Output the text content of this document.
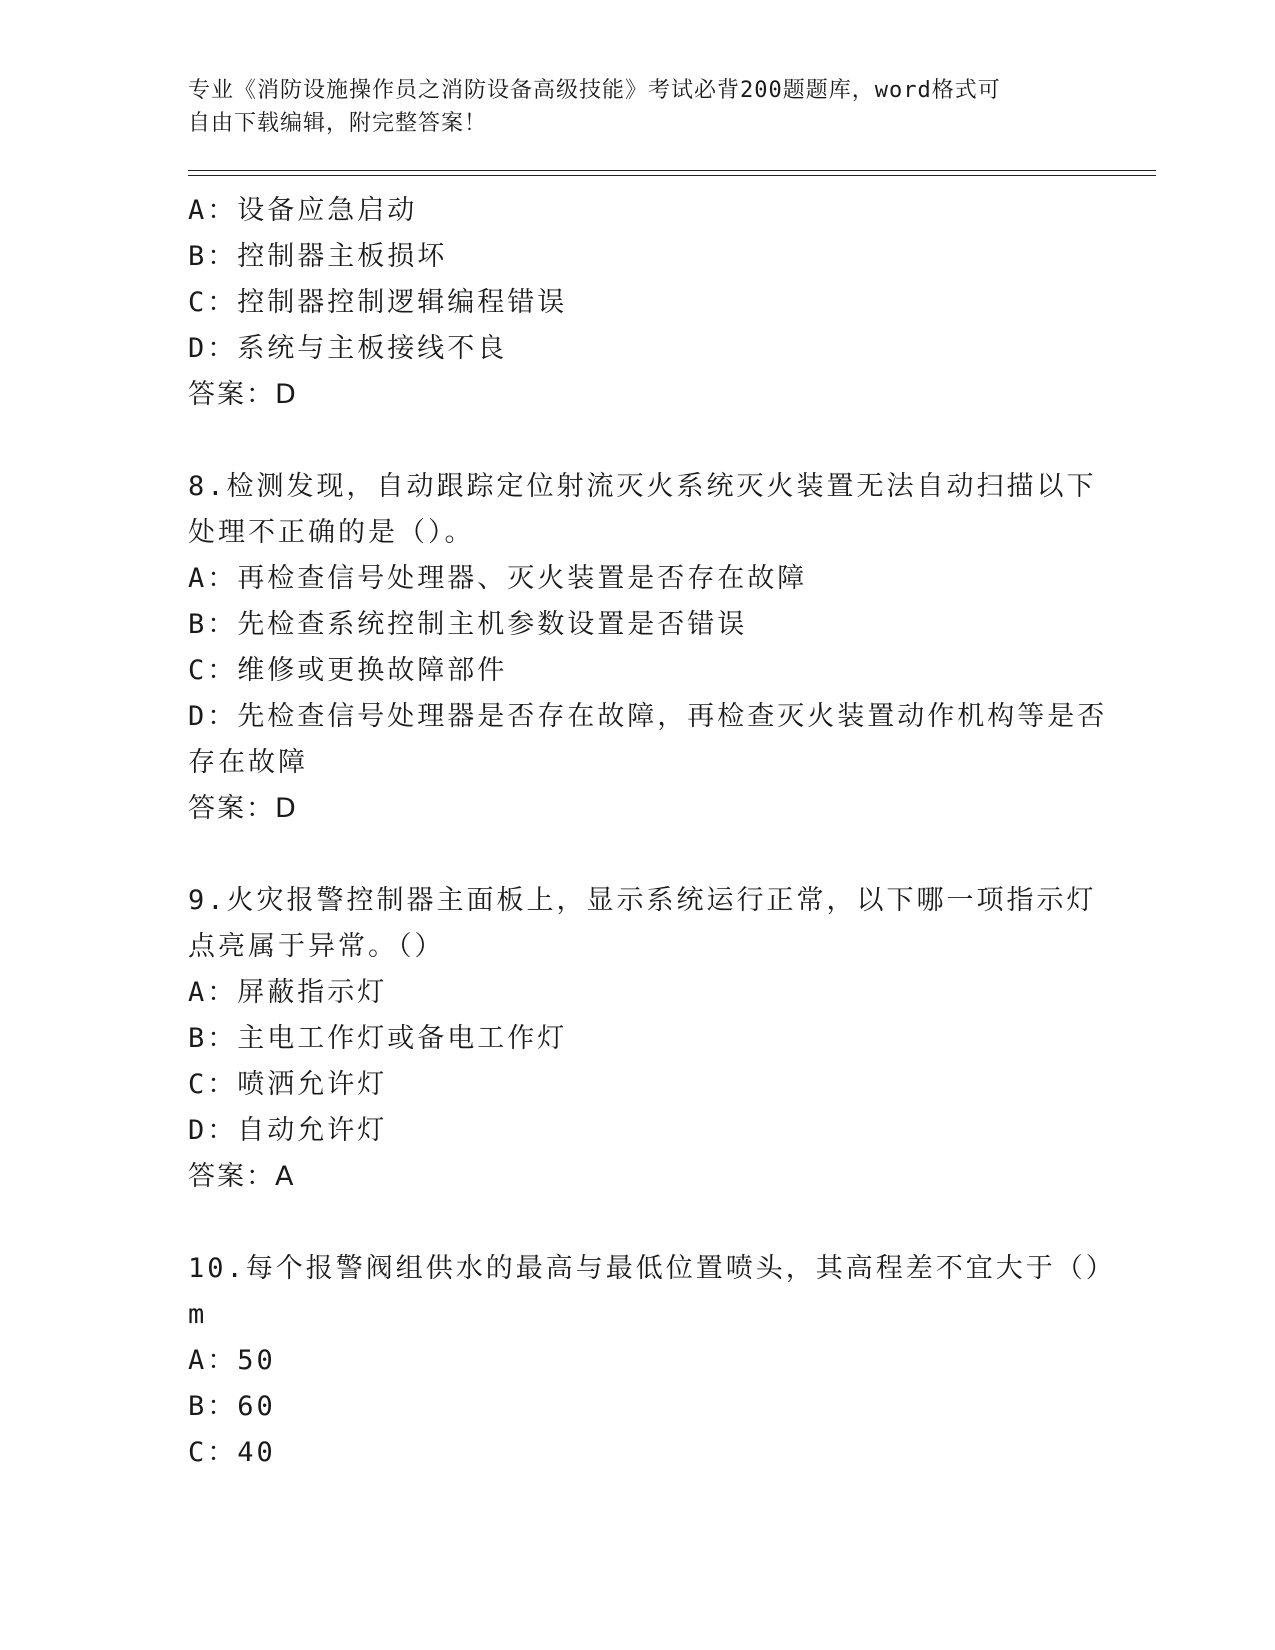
专业《消防设施操作员之消防设备高级技能》考试必背200题题库，word格式可
自由下载编辑，附完整答案！
A：设备应急启动
B：控制器主板损坏
C：控制器控制逻辑编程错误
D：系统与主板接线不良
答案：D
8.检测发现，自动跟踪定位射流灭火系统灭火装置无法自动扫描以下
处理不正确的是（）。
A：再检查信号处理器、灭火装置是否存在故障
B：先检查系统控制主机参数设置是否错误
C：维修或更换故障部件
D：先检查信号处理器是否存在故障，再检查灭火装置动作机构等是否
存在故障
答案：D
9.火灾报警控制器主面板上，显示系统运行正常，以下哪一项指示灯
点亮属于异常。（）
A：屏蔽指示灯
B：主电工作灯或备电工作灯
C：喷洒允许灯
D：自动允许灯
答案：A
10.每个报警阀组供水的最高与最低位置喷头，其高程差不宜大于（）
m
A：50
B：60
C：40
